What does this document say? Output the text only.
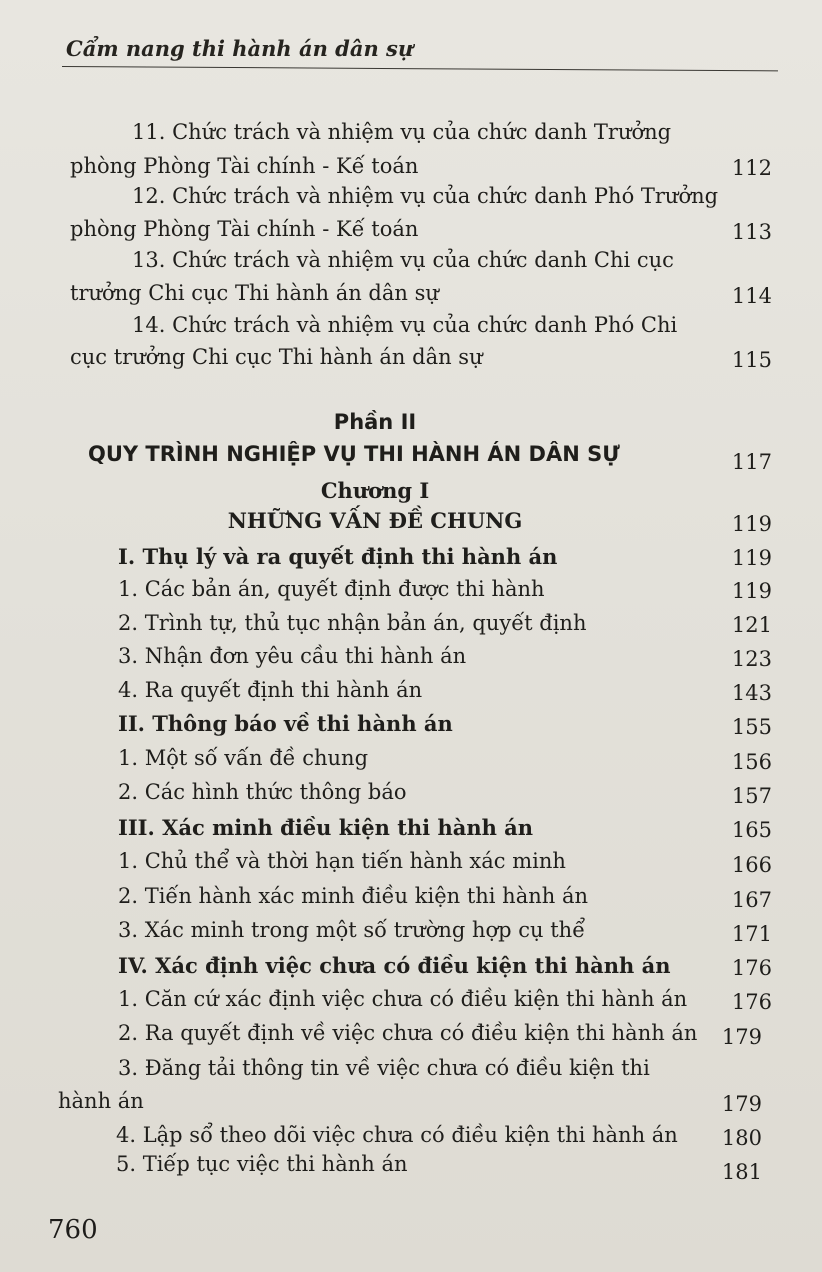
Cẩm nang thi hành án dân sự
11. Chức trách và nhiệm vụ của chức danh Trưởng
phòng Phòng Tài chính - Kế toán	112
12. Chức trách và nhiệm vụ của chức danh Phó Trưởng
phòng Phòng Tài chính - Kế toán	113
13. Chức trách và nhiệm vụ của chức danh Chi cục
trưởng Chi cục Thi hành án dân sự	114
14. Chức trách và nhiệm vụ của chức danh Phó Chi
cục trưởng Chi cục Thi hành án dân sự	115
Phần II
QUY TRÌNH NGHIỆP VỤ THI HÀNH ÁN DÂN SỰ	117
Chương I
NHỮNG VẤN ĐỀ CHUNG	119
I. Thụ lý và ra quyết định thi hành án	119
1. Các bản án, quyết định được thi hành	119
2. Trình tự, thủ tục nhận bản án, quyết định	121
3. Nhận đơn yêu cầu thi hành án	123
4. Ra quyết định thi hành án	143
II. Thông báo về thi hành án	155
1. Một số vấn đề chung	156
2. Các hình thức thông báo	157
III. Xác minh điều kiện thi hành án	165
1. Chủ thể và thời hạn tiến hành xác minh	166
2. Tiến hành xác minh điều kiện thi hành án	167
3. Xác minh trong một số trường hợp cụ thể	171
IV. Xác định việc chưa có điều kiện thi hành án	176
1. Căn cứ xác định việc chưa có điều kiện thi hành án	176
2. Ra quyết định về việc chưa có điều kiện thi hành án	179
3. Đăng tải thông tin về việc chưa có điều kiện thi
hành án	179
4. Lập sổ theo dõi việc chưa có điều kiện thi hành án	180
5. Tiếp tục việc thi hành án	181
760
